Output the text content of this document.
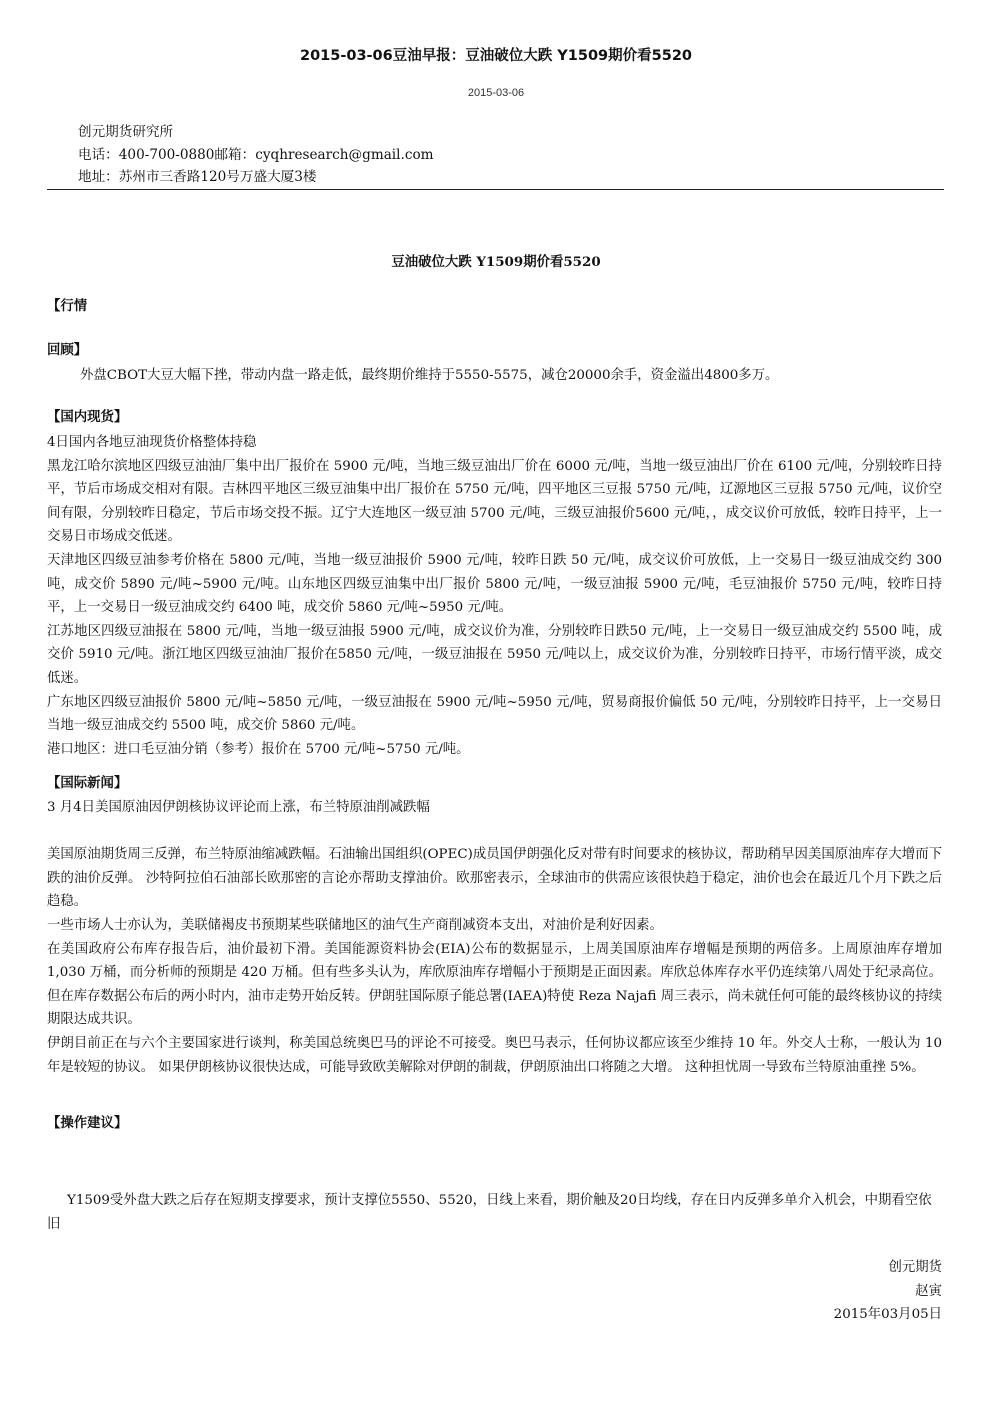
2015-03-06豆油早报：豆油破位大跌 Y1509期价看5520
2015-03-06
创元期货研究所
电话：400-700-0880邮箱：cyqhresearch@gmail.com
地址：苏州市三香路120号万盛大厦3楼
豆油破位大跌 Y1509期价看5520
【行情
回顾】
外盘CBOT大豆大幅下挫，带动内盘一路走低，最终期价维持于5550-5575，减仓20000余手，资金溢出4800多万。
【国内现货】

4日国内各地豆油现货价格整体持稳

黑龙江哈尔滨地区四级豆油油厂集中出厂报价在 5900 元/吨，当地三级豆油出厂价在 6000 元/吨，当地一级豆油出厂价在 6100 元/吨，分别较昨日持平，节后市场成交相对有限。吉林四平地区三级豆油集中出厂报价在 5750 元/吨，四平地区三豆报 5750 元/吨，辽源地区三豆报 5750 元/吨，议价空间有限，分别较昨日稳定，节后市场交投不振。辽宁大连地区一级豆油 5700 元/吨，三级豆油报价5600 元/吨，，成交议价可放低，较昨日持平，上一交易日市场成交低迷。

天津地区四级豆油参考价格在 5800 元/吨，当地一级豆油报价 5900 元/吨，较昨日跌 50 元/吨，成交议价可放低，上一交易日一级豆油成交约 300 吨，成交价 5890 元/吨~5900 元/吨。山东地区四级豆油集中出厂报价 5800 元/吨，一级豆油报 5900 元/吨，毛豆油报价 5750 元/吨，较昨日持平，上一交易日一级豆油成交约 6400 吨，成交价 5860 元/吨~5950 元/吨。

江苏地区四级豆油报在 5800 元/吨，当地一级豆油报 5900 元/吨，成交议价为准，分别较昨日跌50 元/吨，上一交易日一级豆油成交约 5500 吨，成交价 5910 元/吨。浙江地区四级豆油油厂报价在5850 元/吨，一级豆油报在 5950 元/吨以上，成交议价为准，分别较昨日持平，市场行情平淡，成交低迷。

广东地区四级豆油报价 5800 元/吨~5850 元/吨，一级豆油报在 5900 元/吨~5950 元/吨，贸易商报价偏低 50 元/吨，分别较昨日持平，上一交易日当地一级豆油成交约 5500 吨，成交价 5860 元/吨。

港口地区：进口毛豆油分销（参考）报价在 5700 元/吨~5750 元/吨。

【国际新闻】

3 月4日美国原油因伊朗核协议评论而上涨，布兰特原油削减跌幅

美国原油期货周三反弹，布兰特原油缩减跌幅。石油输出国组织(OPEC)成员国伊朗强化反对带有时间要求的核协议，帮助稍早因美国原油库存大增而下跌的油价反弹。 沙特阿拉伯石油部长欧那密的言论亦帮助支撑油价。欧那密表示，全球油市的供需应该很快趋于稳定，油价也会在最近几个月下跌之后趋稳。

一些市场人士亦认为，美联储褐皮书预期某些联储地区的油气生产商削减资本支出，对油价是利好因素。

在美国政府公布库存报告后，油价最初下滑。美国能源资料协会(EIA)公布的数据显示，上周美国原油库存增幅是预期的两倍多。上周原油库存增加 1,030 万桶，而分析师的预期是 420 万桶。但有些多头认为，库欣原油库存增幅小于预期是正面因素。库欣总体库存水平仍连续第八周处于纪录高位。 但在库存数据公布后的两小时内，油市走势开始反转。伊朗驻国际原子能总署(IAEA)特使 Reza Najafi 周三表示，尚未就任何可能的最终核协议的持续期限达成共识。

伊朗目前正在与六个主要国家进行谈判，称美国总统奥巴马的评论不可接受。奥巴马表示，任何协议都应该至少维持 10 年。外交人士称，一般认为 10 年是较短的协议。 如果伊朗核协议很快达成，可能导致欧美解除对伊朗的制裁，伊朗原油出口将随之大增。 这种担忧周一导致布兰特原油重挫 5%。

【操作建议】
Y1509受外盘大跌之后存在短期支撑要求，预计支撑位5550、5520，日线上来看，期价触及20日均线，存在日内反弹多单介入机会，中期看空依旧
创元期货
赵寅
2015年03月05日
